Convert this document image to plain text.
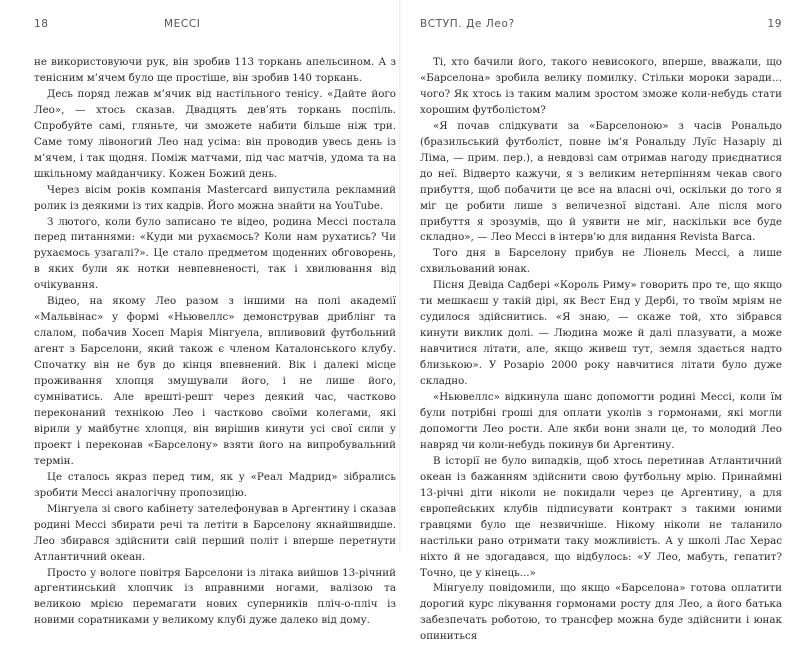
18	МЕССІ

не використовуючи рук, він зробив 113 торкань апельсином. А з тенісним м’ячем було ще простіше, він зробив 140 торкань.

Десь поряд лежав м’ячик від настільного тенісу. «Дайте його Лео», — хтось сказав. Двадцять дев’ять торкань поспіль. Спробуйте самі, гляньте, чи зможете набити більше ніж три. Саме тому лівоногий Лео над усіма: він проводив увесь день із м’ячем, і так щодня. Поміж матчами, під час матчів, удома та на шкільному майданчику. Кожен Божий день.

Через вісім років компанія Mastercard випустила рекламний ролик із деякими із тих кадрів. Його можна знайти на YouTube.

З лютого, коли було записано те відео, родина Мессі постала перед питаннями: «Куди ми рухаємось? Коли нам рухатись? Чи рухаємось узагалі?». Це стало предметом щоденних обговорень, в яких були як нотки невпевненості, так і хвилювання від очікування.

Відео, на якому Лео разом з іншими на полі академії «Мальвінас» у формі «Ньювеллс» демонстрував дриблінг та слалом, побачив Хосеп Марія Мінгуела, впливовий футбольний агент з Барселони, який також є членом Каталонського клубу. Спочатку він не був до кінця впевнений. Вік і далекі місце проживання хлопця змушували його, і не лише його, сумніватись. Але врешті-решт через деякий час, частково переконаний технікою Лео і частково своїми колегами, які вірили у майбутнє хлопця, він вирішив кинути усі свої сили у проект і переконав «Барселону» взяти його на випробувальний термін.

Це сталось якраз перед тим, як у «Реал Мадрид» зібрались зробити Мессі аналогічну пропозицію.

Мінгуела зі свого кабінету зателефонував в Аргентину і сказав родині Мессі збирати речі та летіти в Барселону якнайшвидше. Лео збирався здійснити свій перший політ і вперше перетнути Атлантичний океан.

Просто у вологе повітря Барселони із літака вийшов 13-річний аргентинський хлопчик із вправними ногами, валізою та великою мрією перемагати нових суперників пліч-о-пліч із новими соратниками у великому клубі дуже далеко від дому.

ВСТУП. Де Лео?	19

Ті, хто бачили його, такого невисокого, вперше, вважали, що «Барселона» зробила велику помилку. Стільки мороки заради… чого? Як хтось із таким малим зростом зможе коли-небудь стати хорошим футболістом?

«Я почав слідкувати за «Барселоною» з часів Рональдо (бразильський футболіст, повне ім’я Рональду Луїс Назаріу ді Ліма, — прим. пер.), а невдовзі сам отримав нагоду приєднатися до неї. Відверто кажучи, я з великим нетерпінням чекав свого прибуття, щоб побачити це все на власні очі, оскільки до того я міг це робити лише з величезної відстані. Але після мого прибуття я зрозумів, що й уявити не міг, наскільки все буде складно», — Лео Мессі в інтерв’ю для видання Revista Barca.

Того дня в Барселону прибув не Лiонель Мессі, а лише схвильований юнак.

Пісня Девіда Садбері «Король Риму» говорить про те, що якщо ти мешкаєш у такій дірі, як Вест Енд у Дербі, то твоїм мріям не судилося здійснитись. «Я знаю, — скаже той, хто зібрався кинути виклик долі. — Людина може й далі плазувати, а може навчитися літати, але, якщо живеш тут, земля здається надто близькою». У Розаріо 2000 року навчитися літати було дуже складно.

«Ньювеллс» відкинула шанс допомогти родині Мессі, коли їм були потрібні гроші для оплати уколів з гормонами, які могли допомогти Лео рости. Але якби вони знали це, то молодий Лео навряд чи коли-небудь покинув би Аргентину.

В історії не було випадків, щоб хтось перетинав Атлантичний океан із бажанням здійснити свою футбольну мрію. Принаймні 13-річні діти ніколи не покидали через це Аргентину, а для європейських клубів підписувати контракт з такими юними гравцями було ще незвичніше. Нікому ніколи не таланило настільки рано отримати таку можливість. А у школі Лас Херас ніхто й не здогадався, що відбулось: «У Лео, мабуть, гепатит? Точно, це у кінець...»

Мінгуелу повідомили, що якщо «Барселона» готова оплатити дорогий курс лікування гормонами росту для Лео, а його батька забезпечать роботою, то трансфер можна буде здійснити і юнак опиниться
